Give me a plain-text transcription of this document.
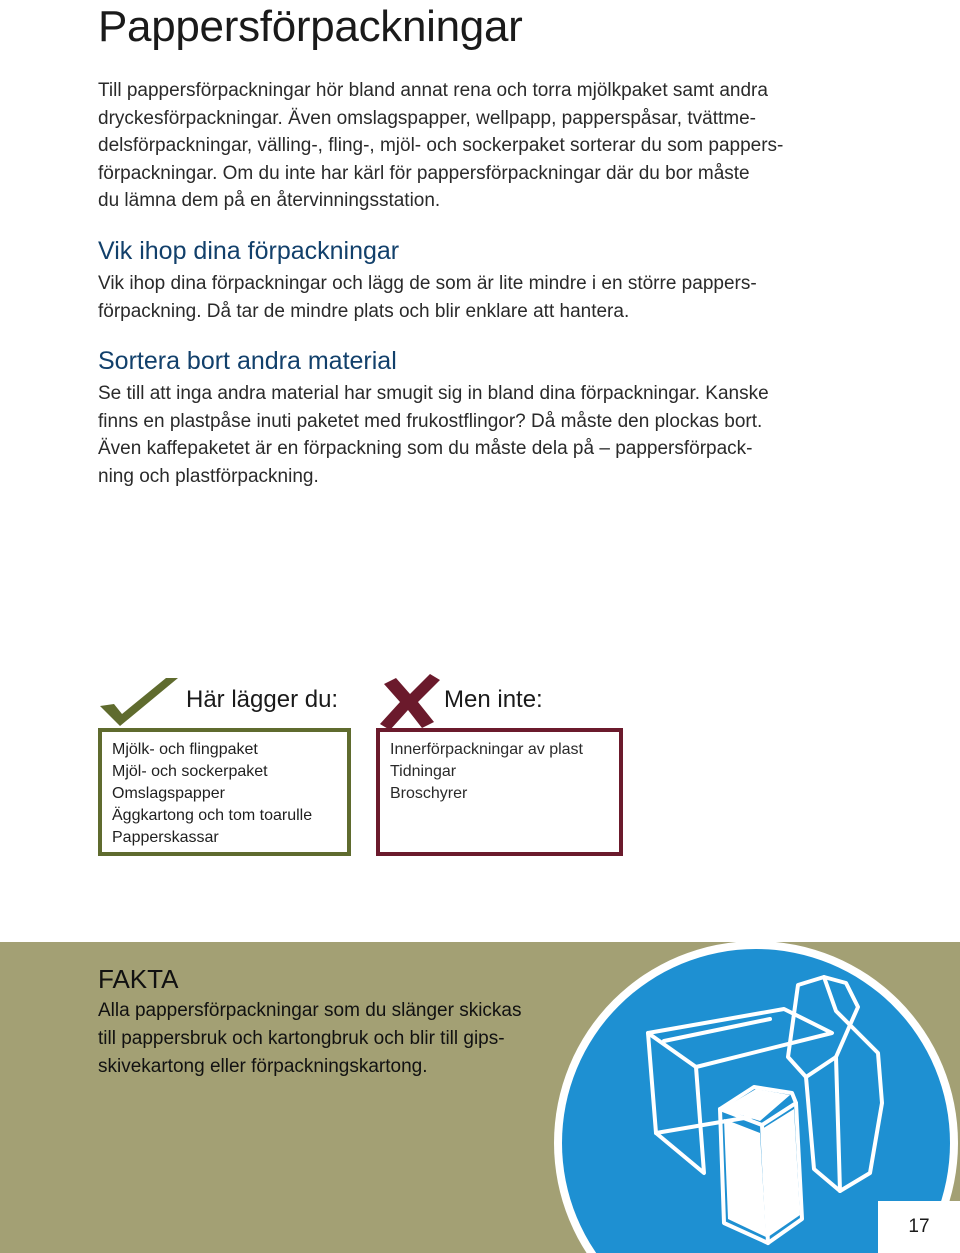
Pappersförpackningar

Till pappersförpackningar hör bland annat rena och torra mjölkpaket samt andra
dryckesförpackningar. Även omslagspapper, wellpapp, papperspåsar, tvättme-
delsförpackningar, välling-, fling-, mjöl- och sockerpaket sorterar du som pappers-
förpackningar. Om du inte har kärl för pappersförpackningar där du bor måste
du lämna dem på en återvinningsstation.

Vik ihop dina förpackningar

Vik ihop dina förpackningar och lägg de som är lite mindre i en större pappers-
förpackning. Då tar de mindre plats och blir enklare att hantera.

Sortera bort andra material

Se till att inga andra material har smugit sig in bland dina förpackningar. Kanske
finns en plastpåse inuti paketet med frukostflingor? Då måste den plockas bort.
Även kaffepaketet är en förpackning som du måste dela på – pappersförpack-
ning och plastförpackning.

Här lägger du:

Mjölk- och flingpaket
Mjöl- och sockerpaket
Omslagspapper
Äggkartong och tom toarulle
Papperskassar

Men inte:

Innerförpackningar av plast
Tidningar
Broschyrer
FAKTA

Alla pappersförpackningar som du slänger skickas
till pappersbruk och kartongbruk och blir till gips-
skivekartong eller förpackningskartong.

17
